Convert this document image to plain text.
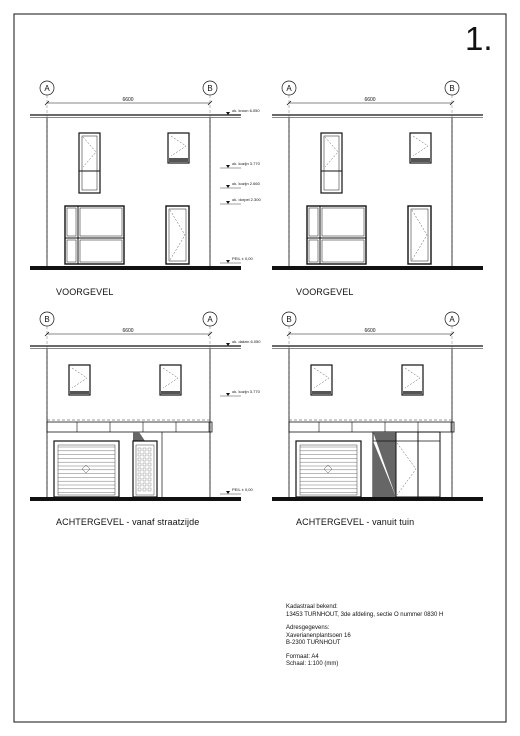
A	B
6600
ok. kroon 6.050
ok. kozijn 3.770
ok. kozijn 2.660
ok. dorpel 2.300
PEIL ± 0,00
A	B
6600
B	A
6600
ok. dakrin 6.050
ok. kozijn 3.770
PEIL ± 0,00
B	A
6600
1.
VOORGEVEL	VOORGEVEL
ACHTERGEVEL - vanaf straatzijde	ACHTERGEVEL - vanuit tuin
Kadastraal bekend:
13453 TURNHOUT, 3de afdeling, sectie O nummer 0830 H
Adresgegevens:
Xaverianenplantsoen 16
B-2300 TURNHOUT
Formaat: A4
Schaal: 1:100 (mm)
